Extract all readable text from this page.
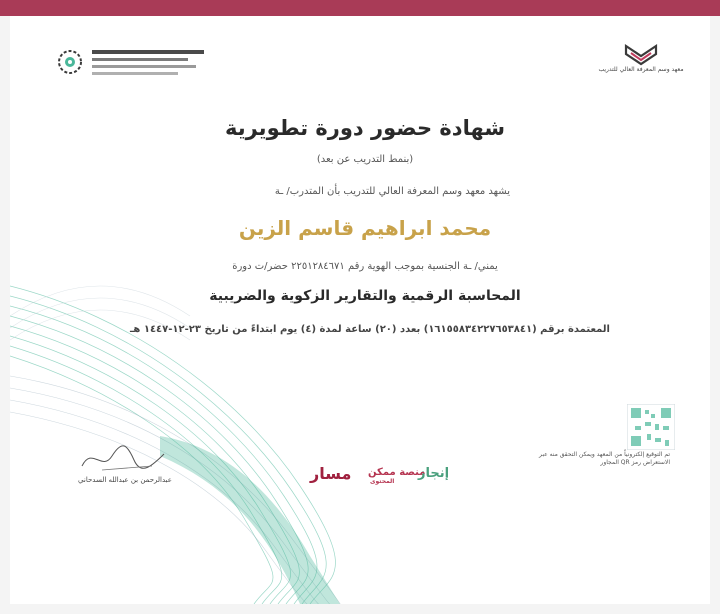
معهد وسم المعرفة العالي للتدريب
شهادة حضور دورة تطويرية
(بنمط التدريب عن بعد)
يشهد معهد وسم المعرفة العالي للتدريب بأن المتدرب/ ـة
محمد ابراهيم قاسم الزين
يمني/ ـة الجنسية بموجب الهوية رقم ٢٢٥١٢٨٤٦٧١ حضر/ت دورة
المحاسبة الرقمية والتقارير الزكوية والضريبية
المعتمدة برقم (١٦١٥٥٨٣٤٢٢٧٦٥٣٨٤١) بعدد (٢٠) ساعة لمدة (٤) يوم ابتداءً من تاريخ ٢٣-١٢-١٤٤٧ هـ
تم التوقيع إلكترونياً من المعهد ويمكن التحقق منه عبر
الاستعراض رمز QR المجاور
عبدالرحمن بن عبدالله السدحاني	مسار منصة ممكن
المحتوى
إنجاز
